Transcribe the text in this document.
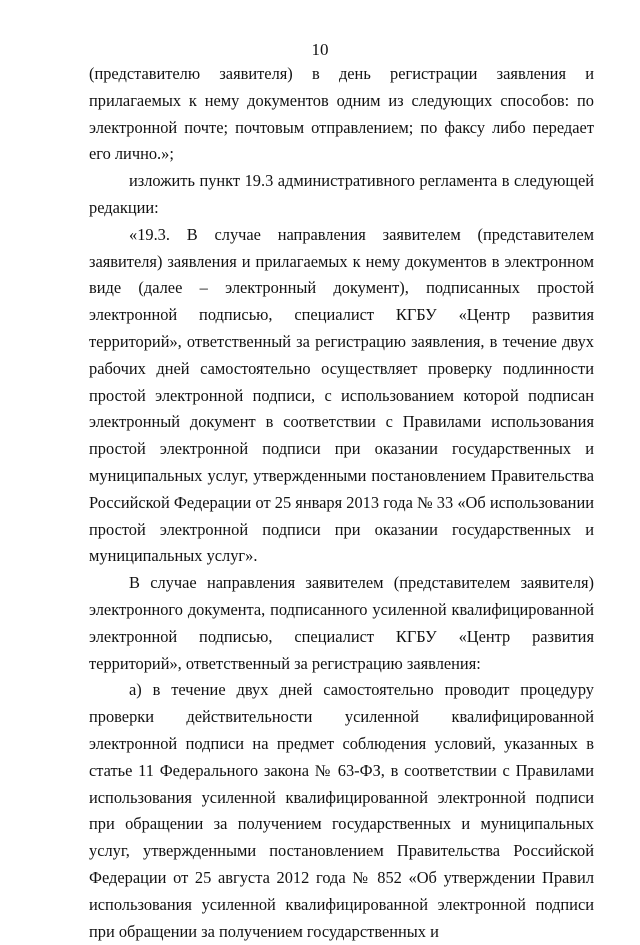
10

(представителю заявителя) в день регистрации заявления и прилагаемых к нему документов одним из следующих способов: по электронной почте; почтовым отправлением; по факсу либо передает его лично.»;

изложить пункт 19.3 административного регламента в следующей редакции:

«19.3. В случае направления заявителем (представителем заявителя) заявления и прилагаемых к нему документов в электронном виде (далее – электронный документ), подписанных простой электронной подписью, специалист КГБУ «Центр развития территорий», ответственный за регистрацию заявления, в течение двух рабочих дней самостоятельно осуществляет проверку подлинности простой электронной подписи, с использованием которой подписан электронный документ в соответствии с Правилами использования простой электронной подписи при оказании государственных и муниципальных услуг, утвержденными постановлением Правительства Российской Федерации от 25 января 2013 года № 33 «Об использовании простой электронной подписи при оказании государственных и муниципальных услуг».

В случае направления заявителем (представителем заявителя) электронного документа, подписанного усиленной квалифицированной электронной подписью, специалист КГБУ «Центр развития территорий», ответственный за регистрацию заявления:

а) в течение двух дней самостоятельно проводит процедуру проверки действительности усиленной квалифицированной электронной подписи на предмет соблюдения условий, указанных в статье 11 Федерального закона № 63-ФЗ, в соответствии с Правилами использования усиленной квалифицированной электронной подписи при обращении за получением государственных и муниципальных услуг, утвержденными постановлением Правительства Российской Федерации от 25 августа 2012 года № 852 «Об утверждении Правил использования усиленной квалифицированной электронной подписи при обращении за получением государственных и
